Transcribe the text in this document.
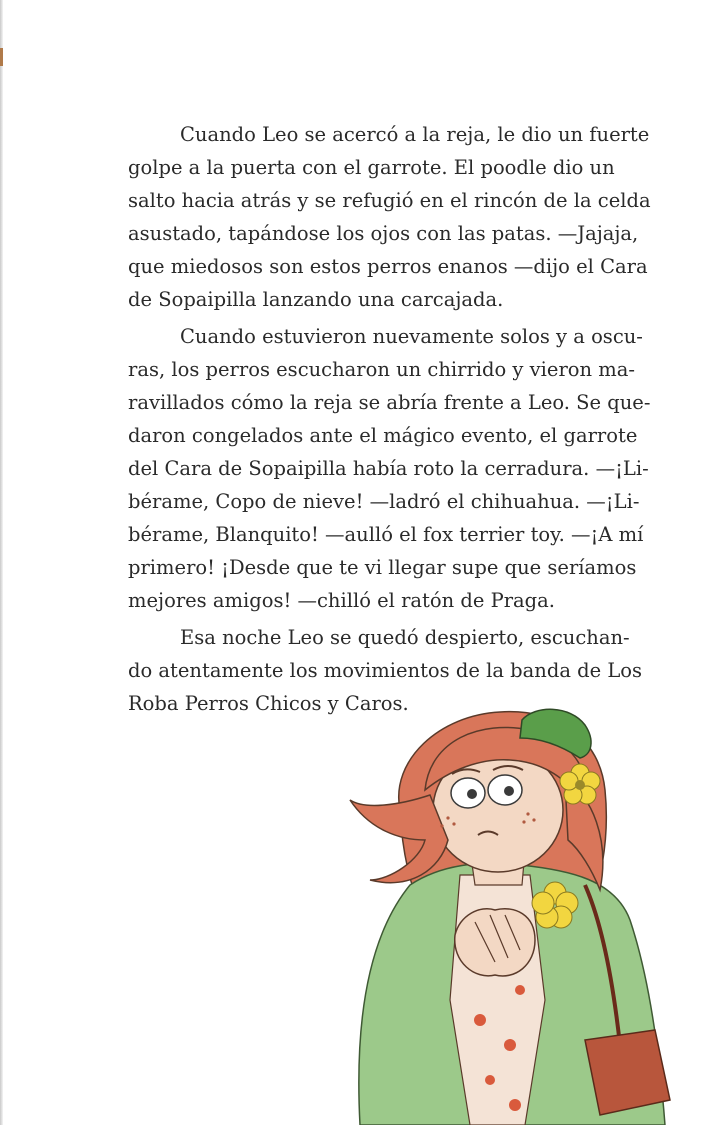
Cuando Leo se acercó a la reja, le dio un fuerte
golpe a la puerta con el garrote. El poodle dio un
salto hacia atrás y se refugió en el rincón de la celda
asustado, tapándose los ojos con las patas. —Jajaja,
que miedosos son estos perros enanos —dijo el Cara
de Sopaipilla lanzando una carcajada.

Cuando estuvieron nuevamente solos y a oscu-
ras, los perros escucharon un chirrido y vieron ma-
ravillados cómo la reja se abría frente a Leo. Se que-
daron congelados ante el mágico evento, el garrote
del Cara de Sopaipilla había roto la cerradura. —¡Li-
bérame, Copo de nieve! —ladró el chihuahua. —¡Li-
bérame, Blanquito! —aulló el fox terrier toy. —¡A mí
primero! ¡Desde que te vi llegar supe que seríamos
mejores amigos! —chilló el ratón de Praga.

Esa noche Leo se quedó despierto, escuchan-
do atentamente los movimientos de la banda de Los
Roba Perros Chicos y Caros.
